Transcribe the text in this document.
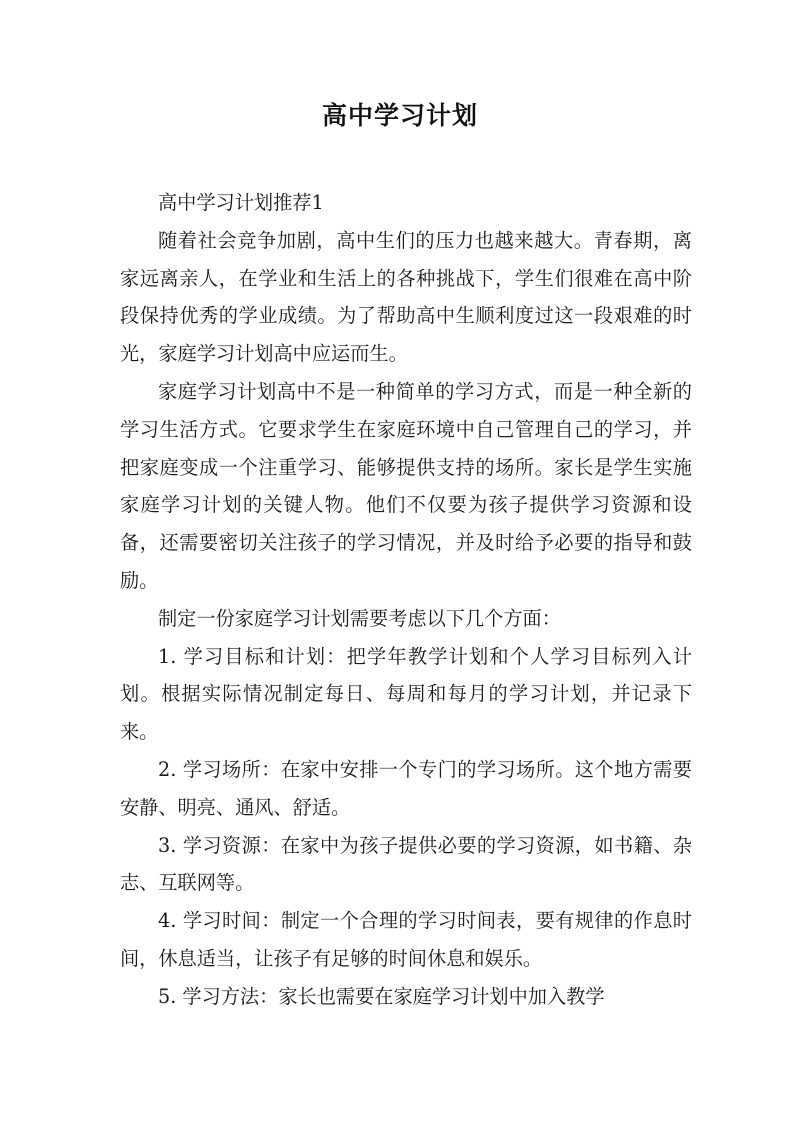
高中学习计划

高中学习计划推荐1

随着社会竞争加剧，高中生们的压力也越来越大。青春期，离家远离亲人，在学业和生活上的各种挑战下，学生们很难在高中阶段保持优秀的学业成绩。为了帮助高中生顺利度过这一段艰难的时光，家庭学习计划高中应运而生。

家庭学习计划高中不是一种简单的学习方式，而是一种全新的学习生活方式。它要求学生在家庭环境中自己管理自己的学习，并把家庭变成一个注重学习、能够提供支持的场所。家长是学生实施家庭学习计划的关键人物。他们不仅要为孩子提供学习资源和设备，还需要密切关注孩子的学习情况，并及时给予必要的指导和鼓励。

制定一份家庭学习计划需要考虑以下几个方面：

1. 学习目标和计划：把学年教学计划和个人学习目标列入计划。根据实际情况制定每日、每周和每月的学习计划，并记录下来。

2. 学习场所：在家中安排一个专门的学习场所。这个地方需要安静、明亮、通风、舒适。

3. 学习资源：在家中为孩子提供必要的学习资源，如书籍、杂志、互联网等。

4. 学习时间：制定一个合理的学习时间表，要有规律的作息时间，休息适当，让孩子有足够的时间休息和娱乐。

5. 学习方法：家长也需要在家庭学习计划中加入教学
